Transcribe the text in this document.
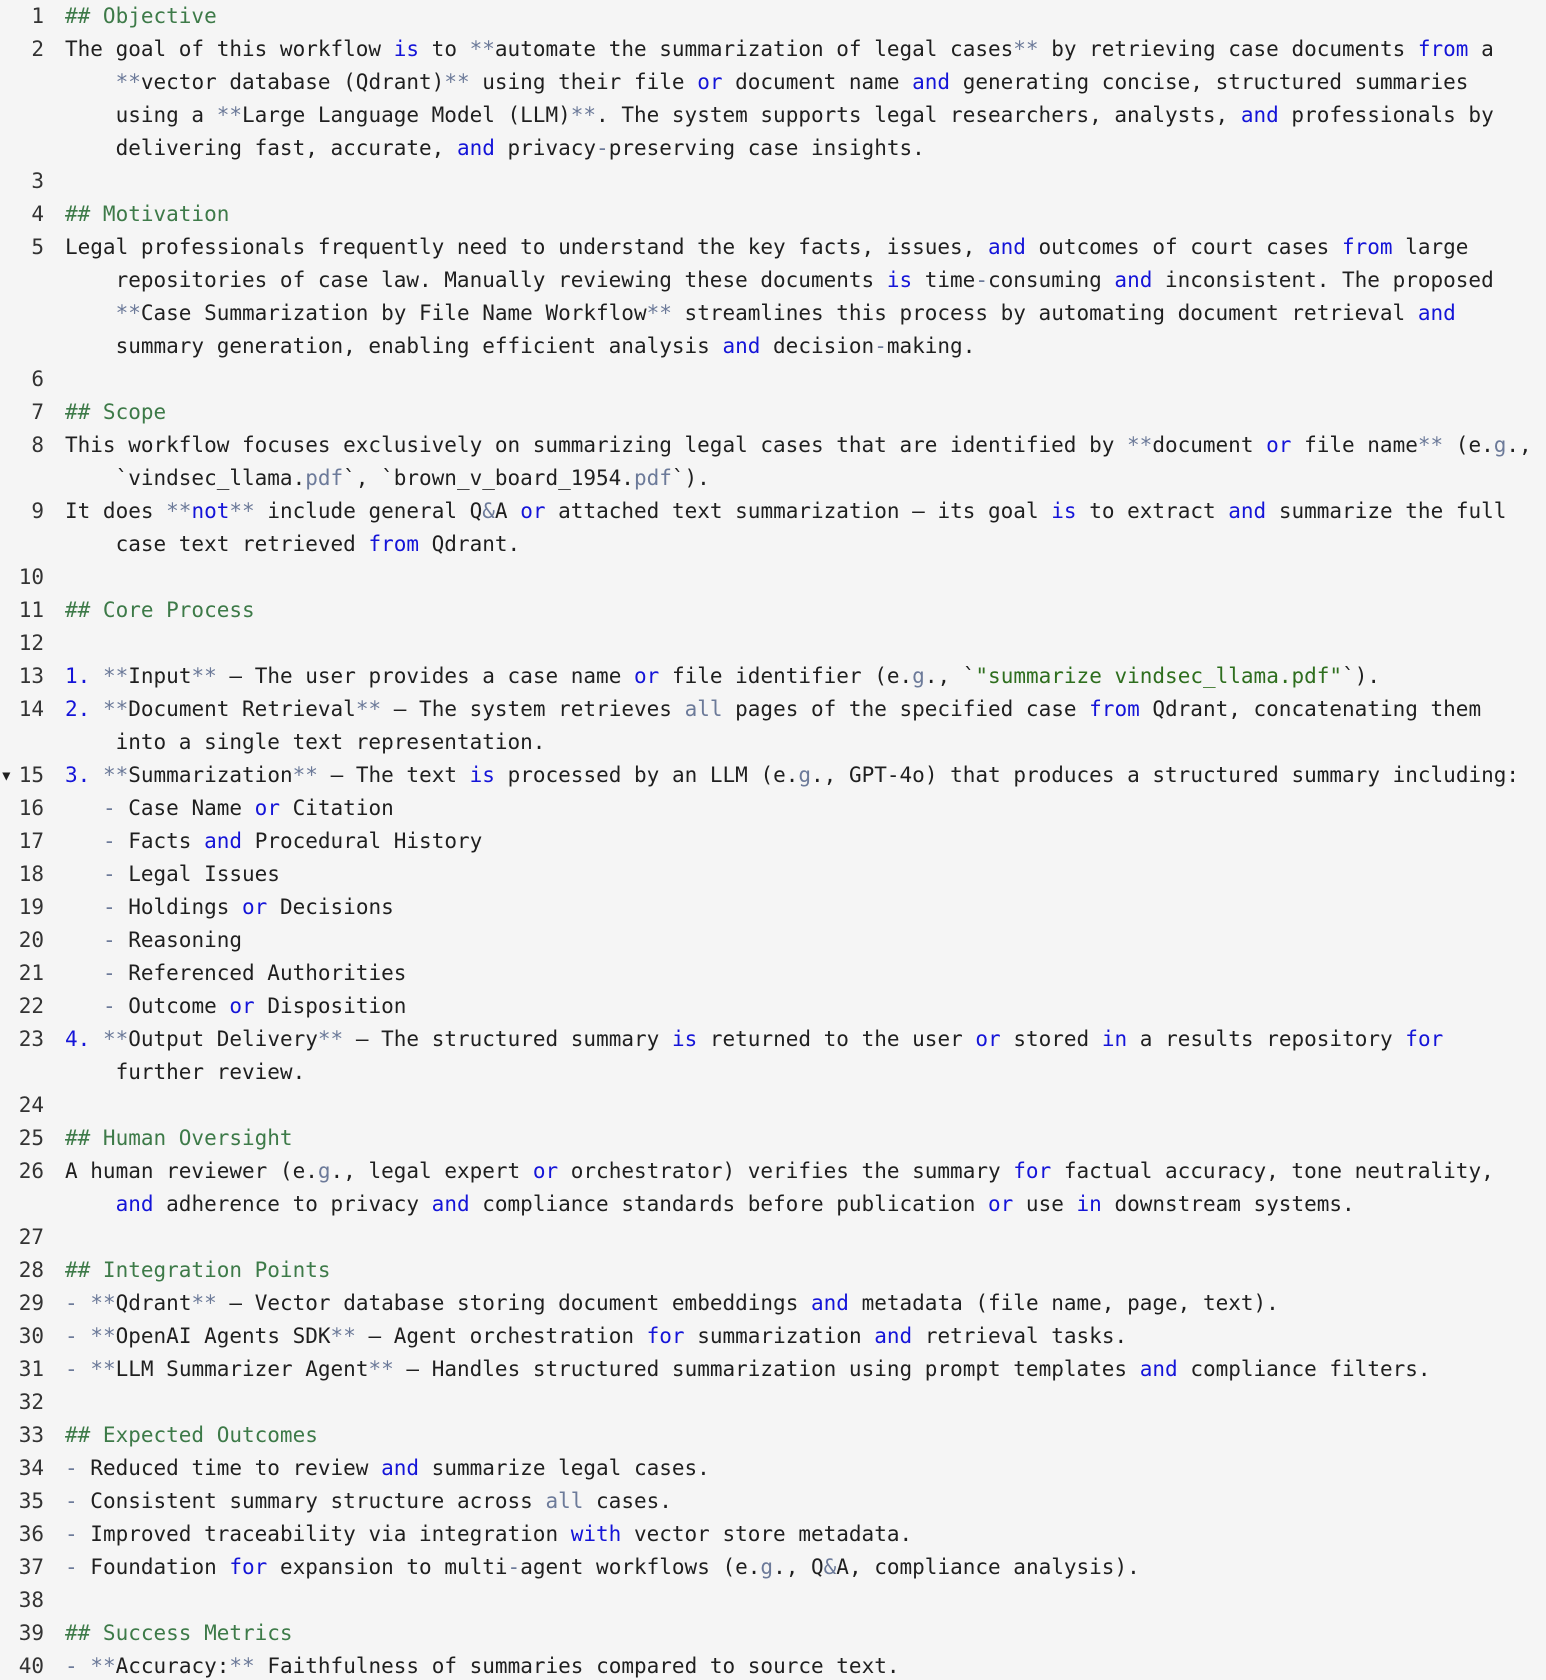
1 ## Objective
2 The goal of this workflow is to **automate the summarization of legal cases** by retrieving case documents from a
**vector database (Qdrant)** using their file or document name and generating concise, structured summaries
using a **Large Language Model (LLM)**. The system supports legal researchers, analysts, and professionals by
delivering fast, accurate, and privacy-preserving case insights.
3
4 ## Motivation
5 Legal professionals frequently need to understand the key facts, issues, and outcomes of court cases from large
repositories of case law. Manually reviewing these documents is time-consuming and inconsistent. The proposed
**Case Summarization by File Name Workflow** streamlines this process by automating document retrieval and
summary generation, enabling efficient analysis and decision-making.
6
7 ## Scope
8 This workflow focuses exclusively on summarizing legal cases that are identified by **document or file name** (e.g.,
`vindsec_llama.pdf`, `brown_v_board_1954.pdf`).
9 It does **not** include general Q&A or attached text summarization — its goal is to extract and summarize the full
case text retrieved from Qdrant.
10
11 ## Core Process
12
13 1. **Input** – The user provides a case name or file identifier (e.g., `"summarize vindsec_llama.pdf"`).
14 2. **Document Retrieval** – The system retrieves all pages of the specified case from Qdrant, concatenating them
into a single text representation.
15
▾ 3. **Summarization** – The text is processed by an LLM (e.g., GPT-4o) that produces a structured summary including:
16	- Case Name or Citation
17	- Facts and Procedural History
18	- Legal Issues
19	- Holdings or Decisions
20	- Reasoning
21	- Referenced Authorities
22	- Outcome or Disposition
23 4. **Output Delivery** – The structured summary is returned to the user or stored in a results repository for
further review.
24
25 ## Human Oversight
26 A human reviewer (e.g., legal expert or orchestrator) verifies the summary for factual accuracy, tone neutrality,
and adherence to privacy and compliance standards before publication or use in downstream systems.
27
28 ## Integration Points
29 - **Qdrant** – Vector database storing document embeddings and metadata (file name, page, text).
30 - **OpenAI Agents SDK** – Agent orchestration for summarization and retrieval tasks.
31 - **LLM Summarizer Agent** – Handles structured summarization using prompt templates and compliance filters.
32
33 ## Expected Outcomes
34 - Reduced time to review and summarize legal cases.
35 - Consistent summary structure across all cases.
36 - Improved traceability via integration with vector store metadata.
37 - Foundation for expansion to multi-agent workflows (e.g., Q&A, compliance analysis).
38
39 ## Success Metrics
40 - **Accuracy:** Faithfulness of summaries compared to source text.
